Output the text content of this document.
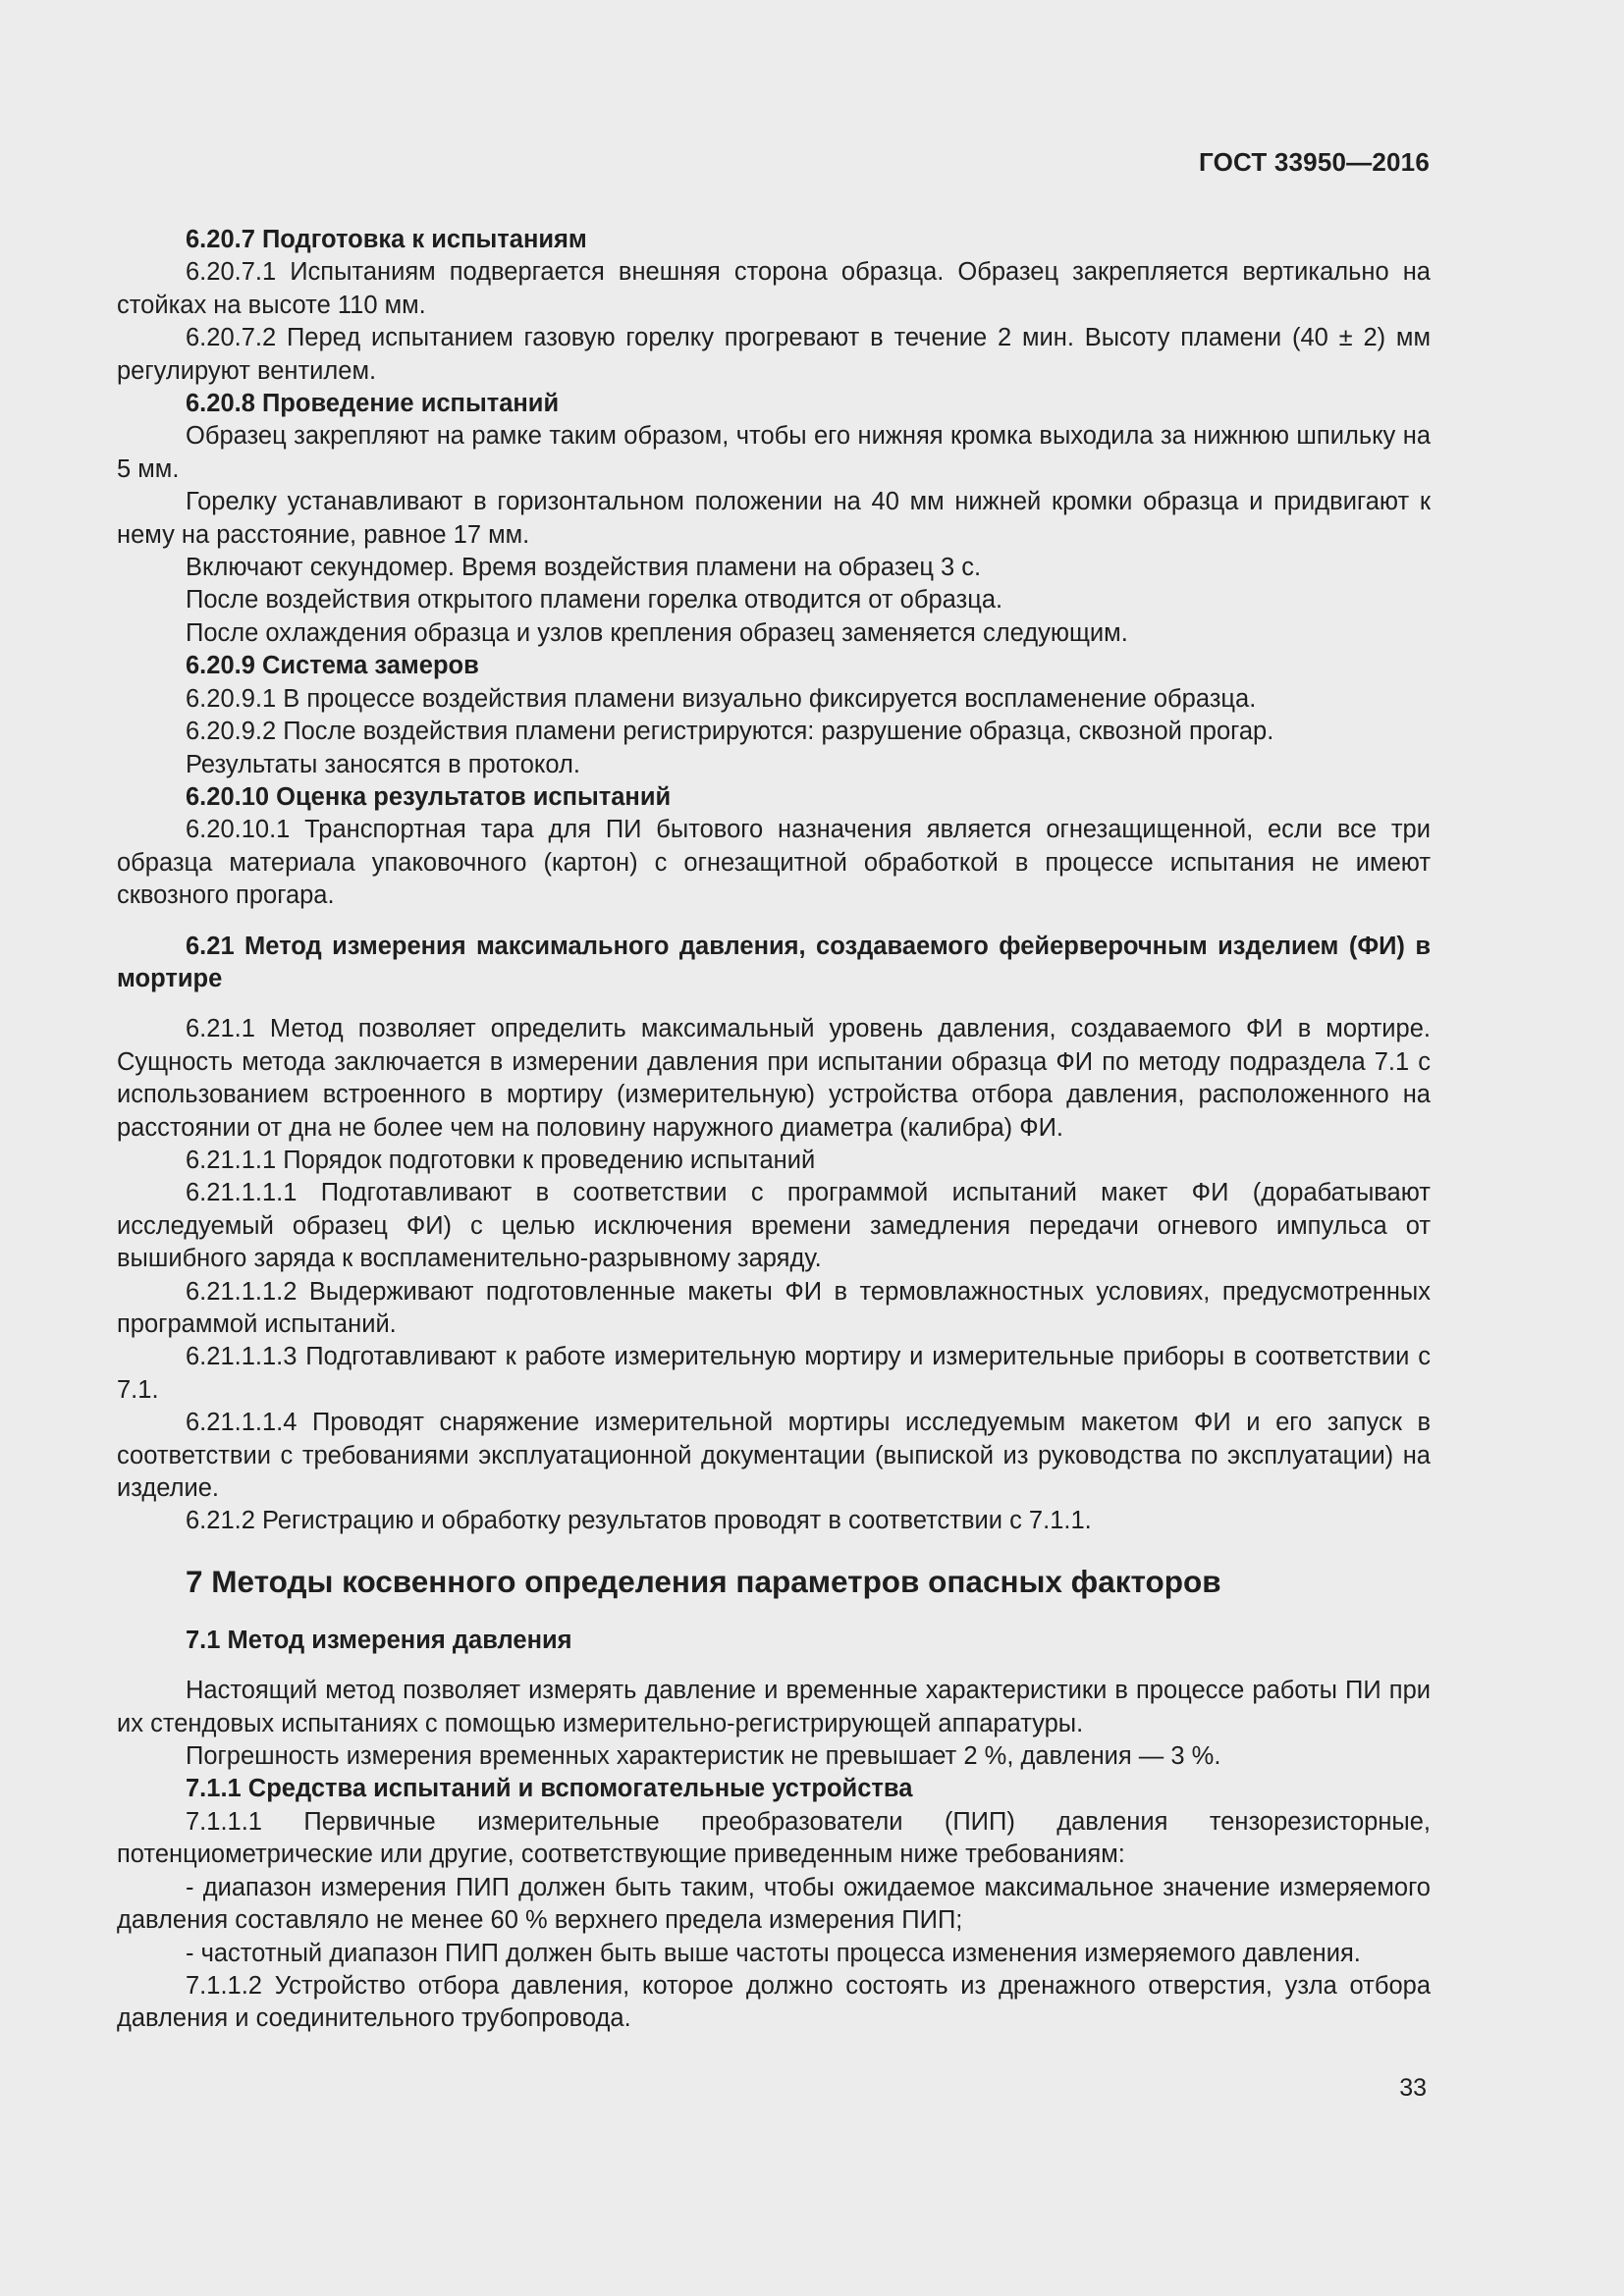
ГОСТ 33950—2016

6.20.7 Подготовка к испытаниям

6.20.7.1 Испытаниям подвергается внешняя сторона образца. Образец закрепляется вертикально на стойках на высоте 110 мм.

6.20.7.2 Перед испытанием газовую горелку прогревают в течение 2 мин. Высоту пламени (40 ± 2) мм регулируют вентилем.

6.20.8 Проведение испытаний

Образец закрепляют на рамке таким образом, чтобы его нижняя кромка выходила за нижнюю шпильку на 5 мм.

Горелку устанавливают в горизонтальном положении на 40 мм нижней кромки образца и придвигают к нему на расстояние, равное 17 мм.

Включают секундомер. Время воздействия пламени на образец 3 с.

После воздействия открытого пламени горелка отводится от образца.

После охлаждения образца и узлов крепления образец заменяется следующим.

6.20.9 Система замеров

6.20.9.1 В процессе воздействия пламени визуально фиксируется воспламенение образца.

6.20.9.2 После воздействия пламени регистрируются: разрушение образца, сквозной прогар.

Результаты заносятся в протокол.

6.20.10 Оценка результатов испытаний

6.20.10.1 Транспортная тара для ПИ бытового назначения является огнезащищенной, если все три образца материала упаковочного (картон) с огнезащитной обработкой в процессе испытания не имеют сквозного прогара.

6.21 Метод измерения максимального давления, создаваемого фейерверочным изделием (ФИ) в мортире

6.21.1 Метод позволяет определить максимальный уровень давления, создаваемого ФИ в мортире. Сущность метода заключается в измерении давления при испытании образца ФИ по методу подраздела 7.1 с использованием встроенного в мортиру (измерительную) устройства отбора давления, расположенного на расстоянии от дна не более чем на половину наружного диаметра (калибра) ФИ.

6.21.1.1 Порядок подготовки к проведению испытаний

6.21.1.1.1 Подготавливают в соответствии с программой испытаний макет ФИ (дорабатывают исследуемый образец ФИ) с целью исключения времени замедления передачи огневого импульса от вышибного заряда к воспламенительно-разрывному заряду.

6.21.1.1.2 Выдерживают подготовленные макеты ФИ в термовлажностных условиях, предусмотренных программой испытаний.

6.21.1.1.3 Подготавливают к работе измерительную мортиру и измерительные приборы в соответствии с 7.1.

6.21.1.1.4 Проводят снаряжение измерительной мортиры исследуемым макетом ФИ и его запуск в соответствии с требованиями эксплуатационной документации (выпиской из руководства по эксплуатации) на изделие.

6.21.2 Регистрацию и обработку результатов проводят в соответствии с 7.1.1.

7 Методы косвенного определения параметров опасных факторов
7.1 Метод измерения давления

Настоящий метод позволяет измерять давление и временные характеристики в процессе работы ПИ при их стендовых испытаниях с помощью измерительно-регистрирующей аппаратуры.

Погрешность измерения временных характеристик не превышает 2 %, давления — 3 %.

7.1.1 Средства испытаний и вспомогательные устройства

7.1.1.1 Первичные измерительные преобразователи (ПИП) давления тензорезисторные, потенциометрические или другие, соответствующие приведенным ниже требованиям:

- диапазон измерения ПИП должен быть таким, чтобы ожидаемое максимальное значение измеряемого давления составляло не менее 60 % верхнего предела измерения ПИП;

- частотный диапазон ПИП должен быть выше частоты процесса изменения измеряемого давления.

7.1.1.2 Устройство отбора давления, которое должно состоять из дренажного отверстия, узла отбора давления и соединительного трубопровода.

33
